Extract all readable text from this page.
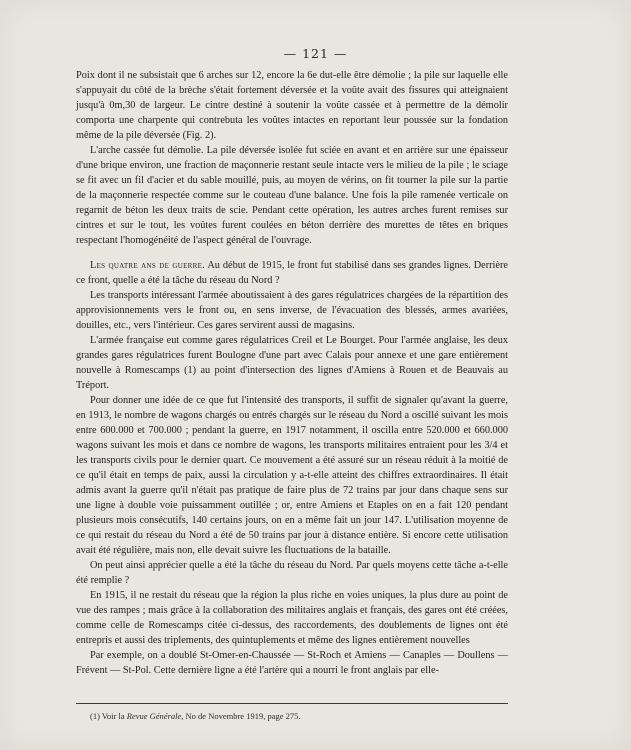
— 121 —

Poix dont il ne subsistait que 6 arches sur 12, encore la 6e dut-elle être démolie ; la pile sur laquelle elle s'appuyait du côté de la brèche s'était fortement déversée et la voûte avait des fissures qui atteignaient jusqu'à 0m,30 de largeur. Le cintre destiné à soutenir la voûte cassée et à permettre de la démolir comporta une charpente qui contrebuta les voûtes intactes en reportant leur poussée sur la fondation même de la pile déversée (Fig. 2).

L'arche cassée fut démolie. La pile déversée isolée fut sciée en avant et en arrière sur une épaisseur d'une brique environ, une fraction de maçonnerie restant seule intacte vers le milieu de la pile ; le sciage se fit avec un fil d'acier et du sable mouillé, puis, au moyen de vérins, on fit tourner la pile sur la partie de la maçonnerie respectée comme sur le couteau d'une balance. Une fois la pile ramenée verticale on regarnit de béton les deux traits de scie. Pendant cette opération, les autres arches furent remises sur cintres et sur le tout, les voûtes furent coulées en béton derrière des murettes de têtes en briques respectant l'homogénéité de l'aspect général de l'ouvrage.

Les quatre ans de guerre. Au début de 1915, le front fut stabilisé dans ses grandes lignes. Derrière ce front, quelle a été la tâche du réseau du Nord ?

Les transports intéressant l'armée aboutissaient à des gares régulatrices chargées de la répartition des approvisionnements vers le front ou, en sens inverse, de l'évacuation des blessés, armes avariées, douilles, etc., vers l'intérieur. Ces gares servirent aussi de magasins.

L'armée française eut comme gares régulatrices Creil et Le Bourget. Pour l'armée anglaise, les deux grandes gares régulatrices furent Boulogne d'une part avec Calais pour annexe et une gare entièrement nouvelle à Romescamps (1) au point d'intersection des lignes d'Amiens à Rouen et de Beauvais au Tréport.

Pour donner une idée de ce que fut l'intensité des transports, il suffit de signaler qu'avant la guerre, en 1913, le nombre de wagons chargés ou entrés chargés sur le réseau du Nord a oscillé suivant les mois entre 600.000 et 700.000 ; pendant la guerre, en 1917 notamment, il oscilla entre 520.000 et 660.000 wagons suivant les mois et dans ce nombre de wagons, les transports militaires entraient pour les 3/4 et les transports civils pour le dernier quart. Ce mouvement a été assuré sur un réseau réduit à la moitié de ce qu'il était en temps de paix, aussi la circulation y a-t-elle atteint des chiffres extraordinaires. Il était admis avant la guerre qu'il n'était pas pratique de faire plus de 72 trains par jour dans chaque sens sur une ligne à double voie puissamment outillée ; or, entre Amiens et Etaples on en a fait 120 pendant plusieurs mois consécutifs, 140 certains jours, on en a même fait un jour 147. L'utilisation moyenne de ce qui restait du réseau du Nord a été de 50 trains par jour à distance entière. Si encore cette utilisation avait été régulière, mais non, elle devait suivre les fluctuations de la bataille.

On peut ainsi apprécier quelle a été la tâche du réseau du Nord. Par quels moyens cette tâche a-t-elle été remplie ?

En 1915, il ne restait du réseau que la région la plus riche en voies uniques, la plus dure au point de vue des rampes ; mais grâce à la collaboration des militaires anglais et français, des gares ont été créées, comme celle de Romescamps citée ci-dessus, des raccordements, des doublements de lignes ont été entrepris et aussi des triplements, des quintuplements et même des lignes entièrement nouvelles

Par exemple, on a doublé St-Omer-en-Chaussée — St-Roch et Amiens — Canaples — Doullens — Frévent — St-Pol. Cette dernière ligne a été l'artère qui a nourri le front anglais par elle-

(1) Voir la Revue Générale, No de Novembre 1919, page 275.
